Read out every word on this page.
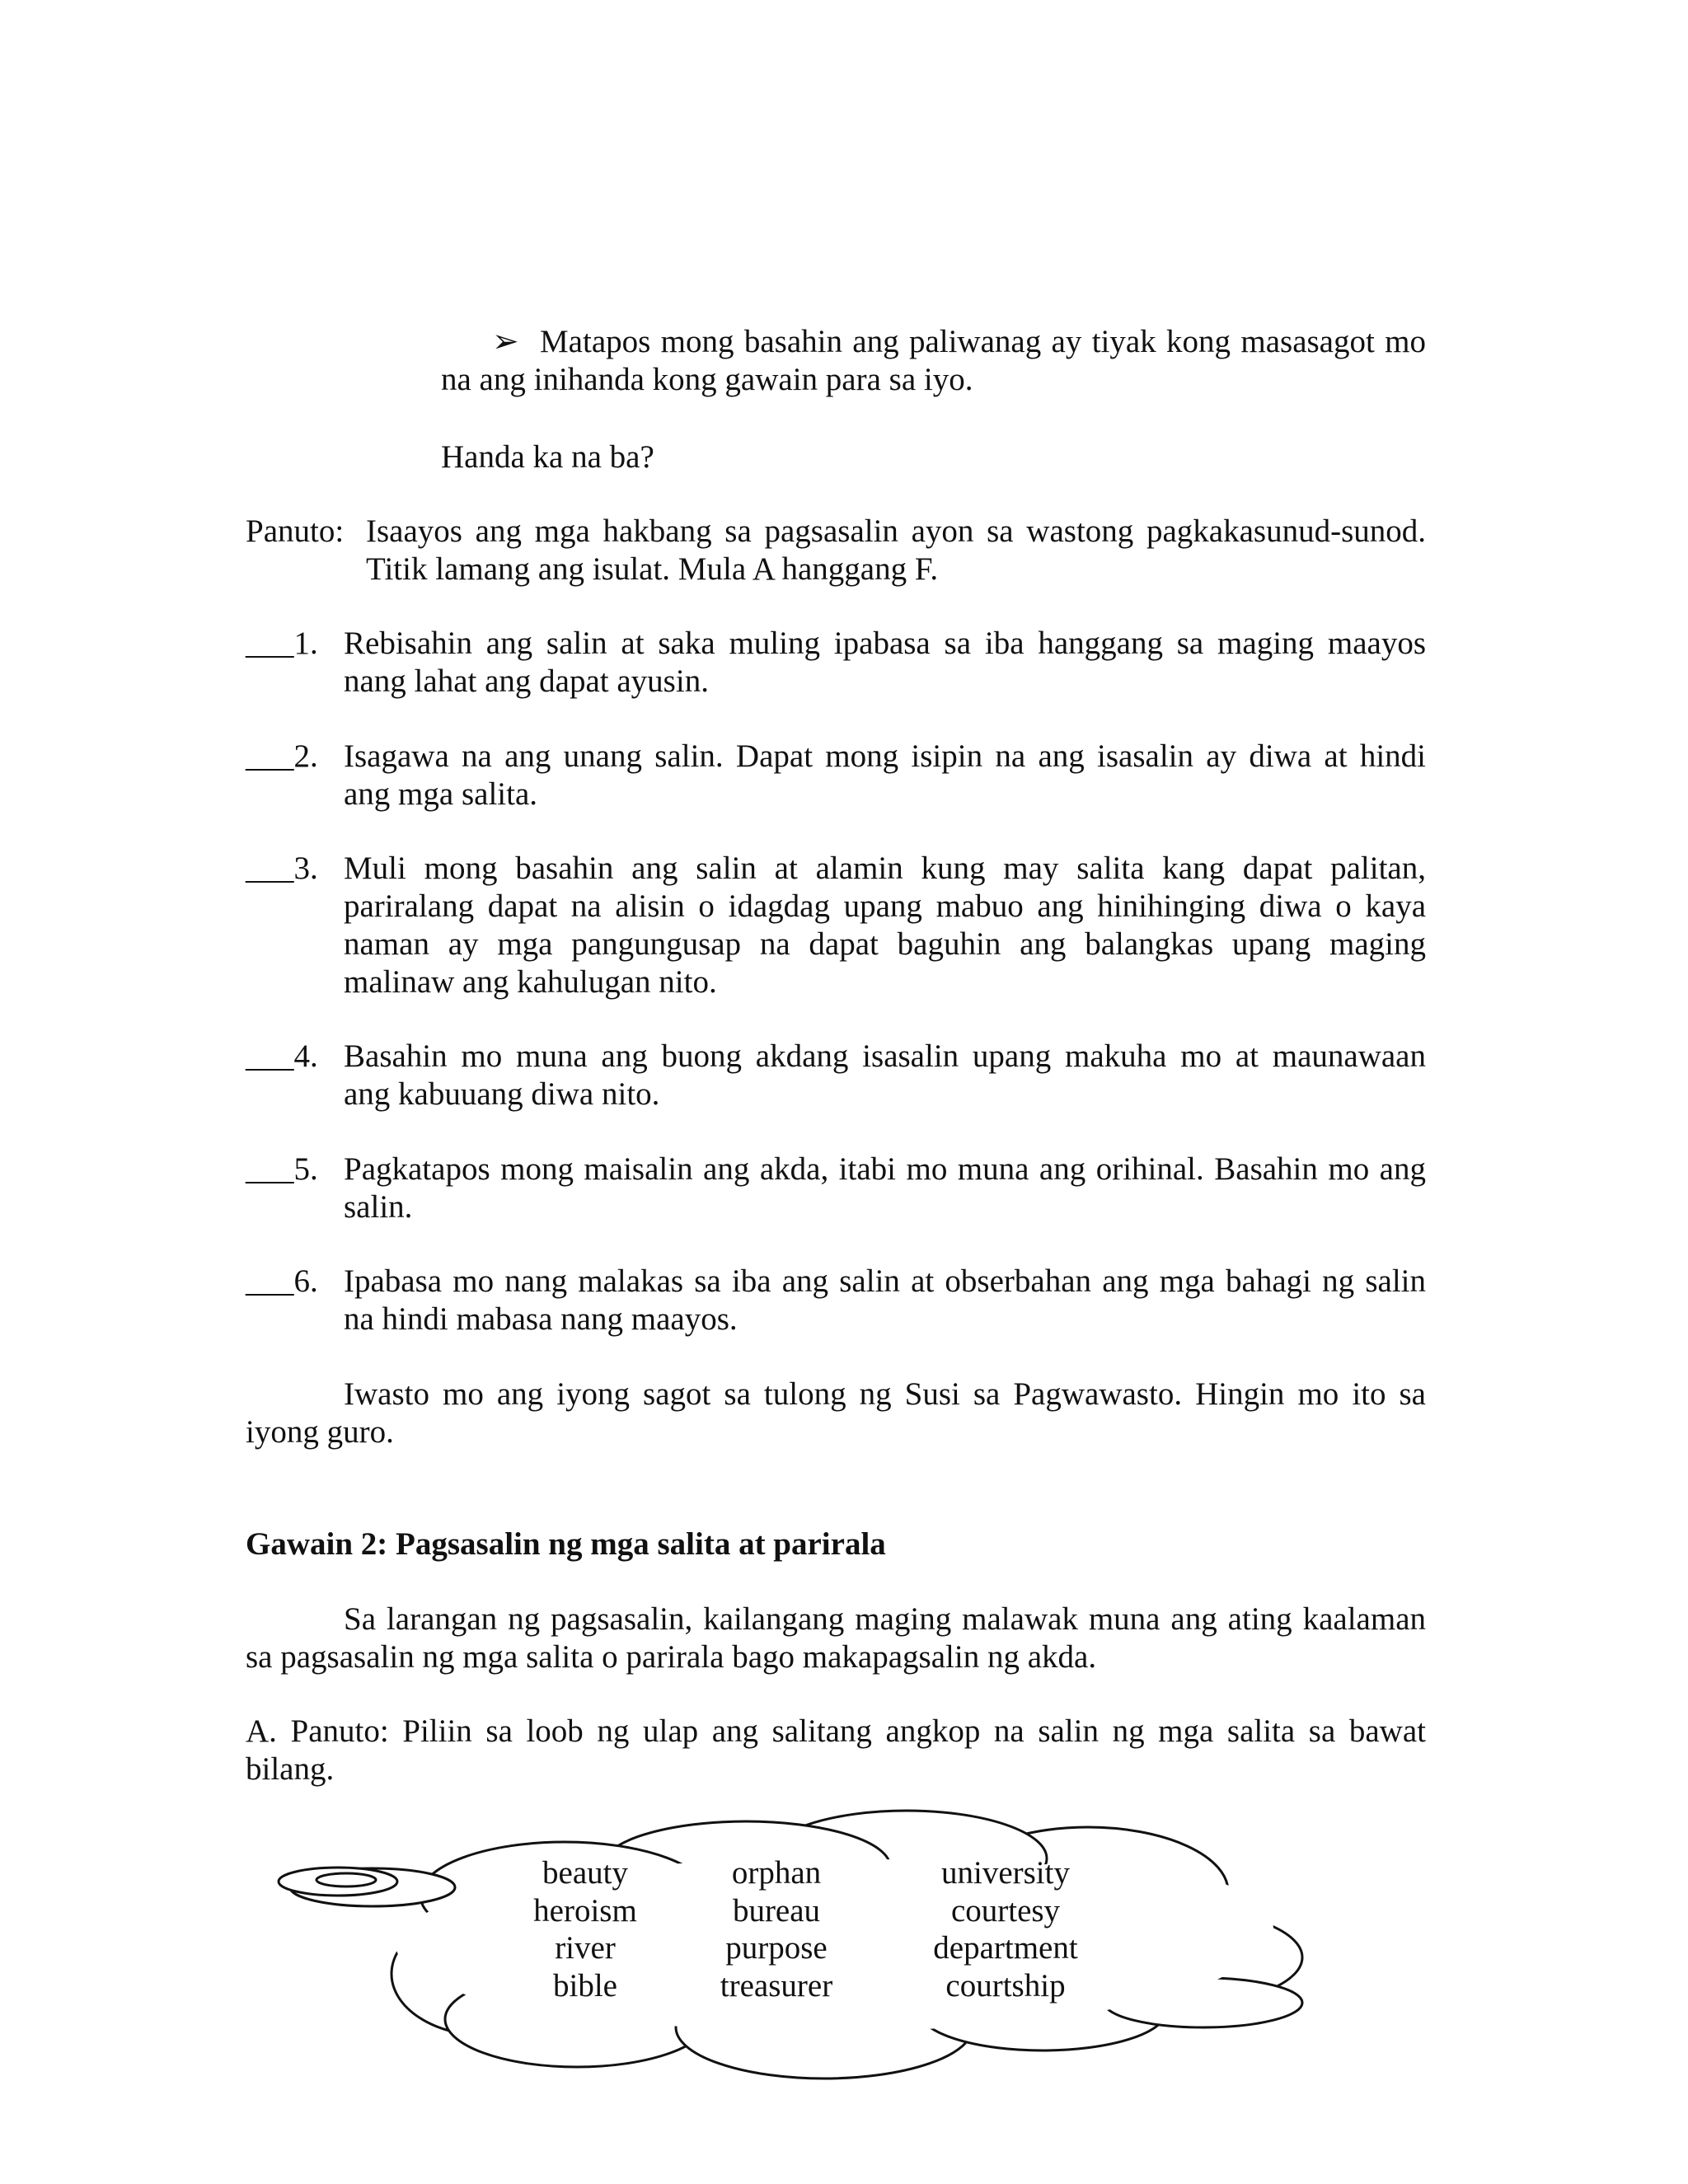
➢ Matapos mong basahin ang paliwanag ay tiyak kong masasagot mo
na ang inihanda kong gawain para sa iyo.
Handa ka na ba?
Panuto: Isaayos ang mga hakbang sa pagsasalin ayon sa wastong pagkakasunud-sunod.
Titik lamang ang isulat. Mula A hanggang F.
___1. Rebisahin ang salin at saka muling ipabasa sa iba hanggang sa maging maayos
nang lahat ang dapat ayusin.
___2. Isagawa na ang unang salin. Dapat mong isipin na ang isasalin ay diwa at hindi
ang mga salita.
___3. Muli mong basahin ang salin at alamin kung may salita kang dapat palitan,
pariralang dapat na alisin o idagdag upang mabuo ang hinihinging diwa o kaya
naman ay mga pangungusap na dapat baguhin ang balangkas upang maging
malinaw ang kahulugan nito.
___4. Basahin mo muna ang buong akdang isasalin upang makuha mo at maunawaan
ang kabuuang diwa nito.
___5. Pagkatapos mong maisalin ang akda, itabi mo muna ang orihinal. Basahin mo ang
salin.
___6. Ipabasa mo nang malakas sa iba ang salin at obserbahan ang mga bahagi ng salin
na hindi mabasa nang maayos.
Iwasto mo ang iyong sagot sa tulong ng Susi sa Pagwawasto. Hingin mo ito sa
iyong guro.
Gawain 2: Pagsasalin ng mga salita at parirala
Sa larangan ng pagsasalin, kailangang maging malawak muna ang ating kaalaman
sa pagsasalin ng mga salita o parirala bago makapagsalin ng akda.
A. Panuto: Piliin sa loob ng ulap ang salitang angkop na salin ng mga salita sa bawat
bilang.
beauty
heroism
river
bible
orphan
bureau
purpose
treasurer
university
courtesy
department
courtship
